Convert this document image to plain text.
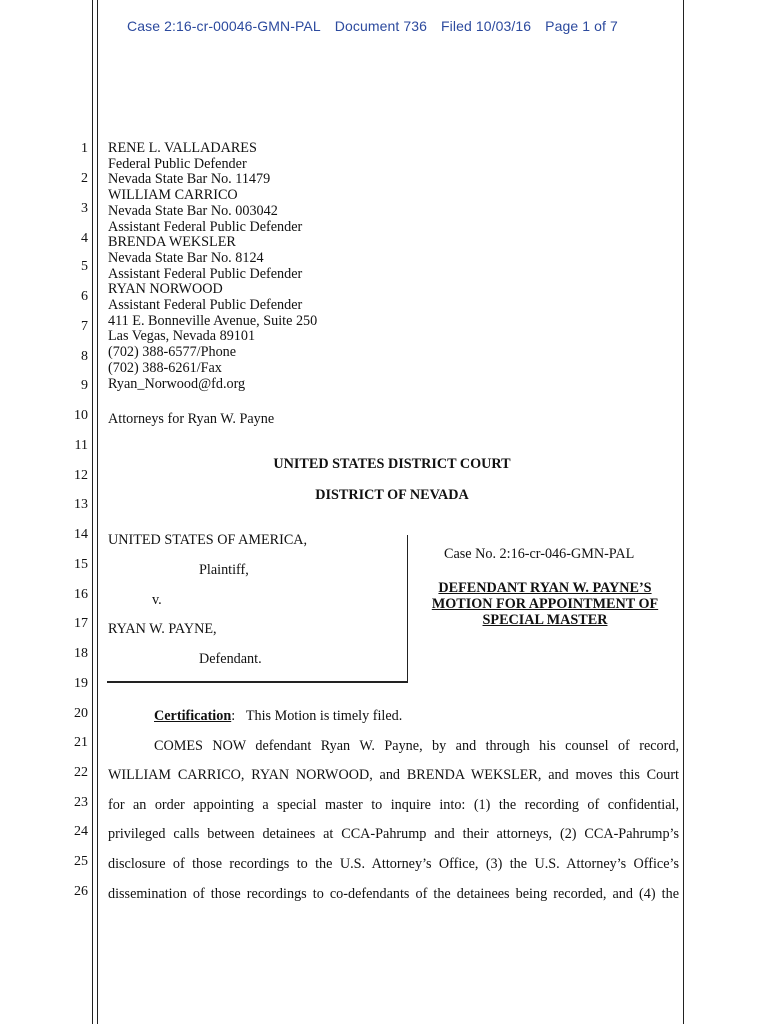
Case 2:16-cr-00046-GMN-PAL Document 736 Filed 10/03/16 Page 1 of 7
1
2
3
4
5
6
7
8
9
10
11
12
13
14
15
16
17
18
19
20
21
22
23
24
25
26
RENE L. VALLADARES
Federal Public Defender
Nevada State Bar No. 11479
WILLIAM CARRICO
Nevada State Bar No. 003042
Assistant Federal Public Defender
BRENDA WEKSLER
Nevada State Bar No. 8124
Assistant Federal Public Defender
RYAN NORWOOD
Assistant Federal Public Defender
411 E. Bonneville Avenue, Suite 250
Las Vegas, Nevada 89101
(702) 388-6577/Phone
(702) 388-6261/Fax
Ryan_Norwood@fd.org
Attorneys for Ryan W. Payne
UNITED STATES DISTRICT COURT
DISTRICT OF NEVADA
UNITED STATES OF AMERICA,
Plaintiff,
v.
RYAN W. PAYNE,
Defendant.
Case No. 2:16-cr-046-GMN-PAL
DEFENDANT RYAN W. PAYNE’S
MOTION FOR APPOINTMENT OF
SPECIAL MASTER
Certification: This Motion is timely filed.
COMES NOW defendant Ryan W. Payne, by and through his counsel of record,
WILLIAM CARRICO, RYAN NORWOOD, and BRENDA WEKSLER, and moves this Court
for an order appointing a special master to inquire into: (1) the recording of confidential,
privileged calls between detainees at CCA-Pahrump and their attorneys, (2) CCA-Pahrump’s
disclosure of those recordings to the U.S. Attorney’s Office, (3) the U.S. Attorney’s Office’s
dissemination of those recordings to co-defendants of the detainees being recorded, and (4) the
